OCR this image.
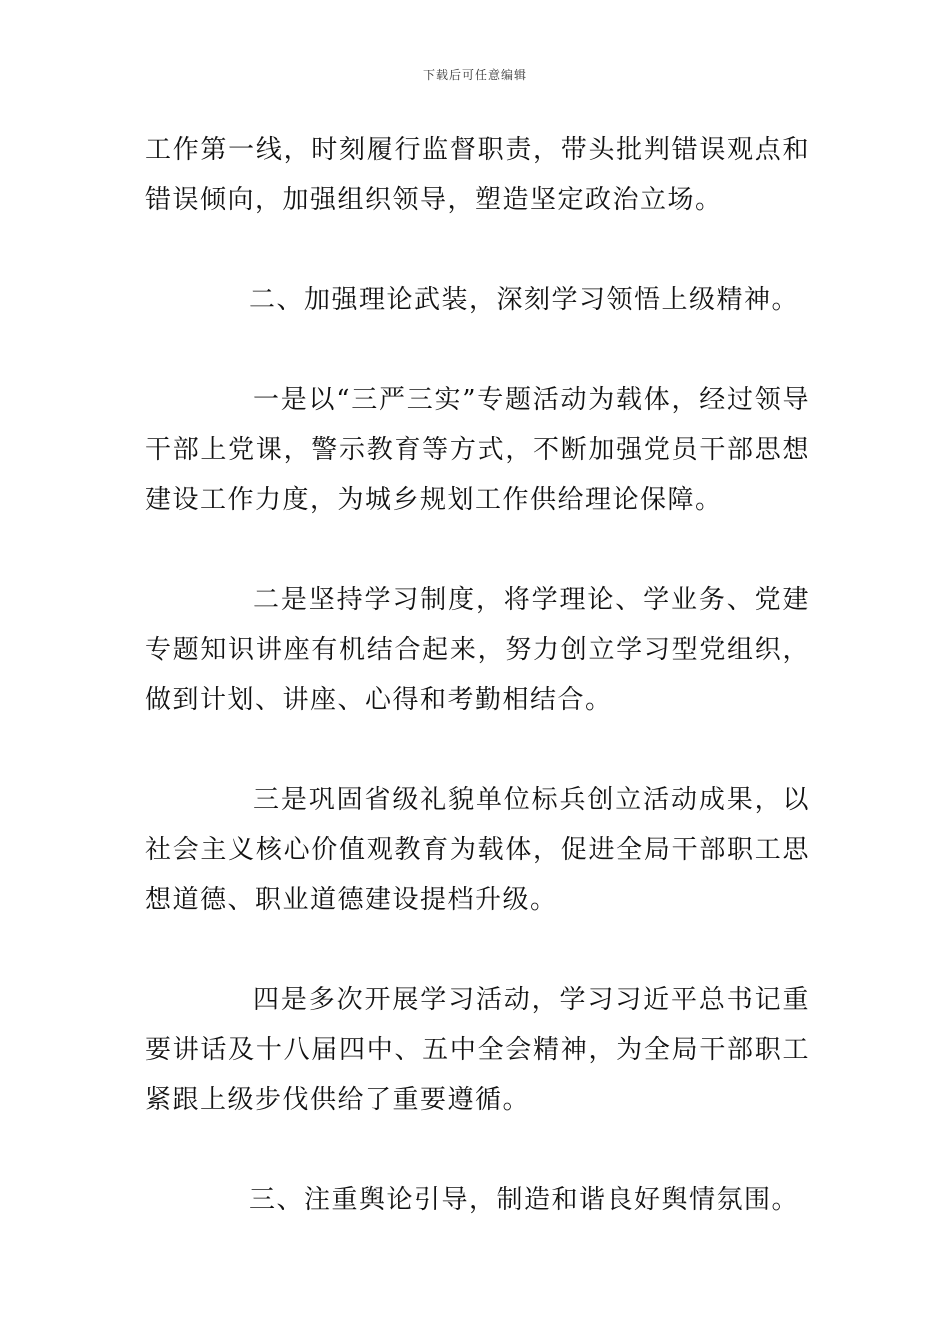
下载后可任意编辑

工作第一线，时刻履行监督职责，带头批判错误观点和错误倾向，加强组织领导，塑造坚定政治立场。

二、加强理论武装，深刻学习领悟上级精神。

一是以“三严三实”专题活动为载体，经过领导干部上党课，警示教育等方式，不断加强党员干部思想建设工作力度，为城乡规划工作供给理论保障。

二是坚持学习制度，将学理论、学业务、党建专题知识讲座有机结合起来，努力创立学习型党组织，做到计划、讲座、心得和考勤相结合。

三是巩固省级礼貌单位标兵创立活动成果，以社会主义核心价值观教育为载体，促进全局干部职工思想道德、职业道德建设提档升级。

四是多次开展学习活动，学习习近平总书记重要讲话及十八届四中、五中全会精神，为全局干部职工紧跟上级步伐供给了重要遵循。

三、注重舆论引导，制造和谐良好舆情氛围。
